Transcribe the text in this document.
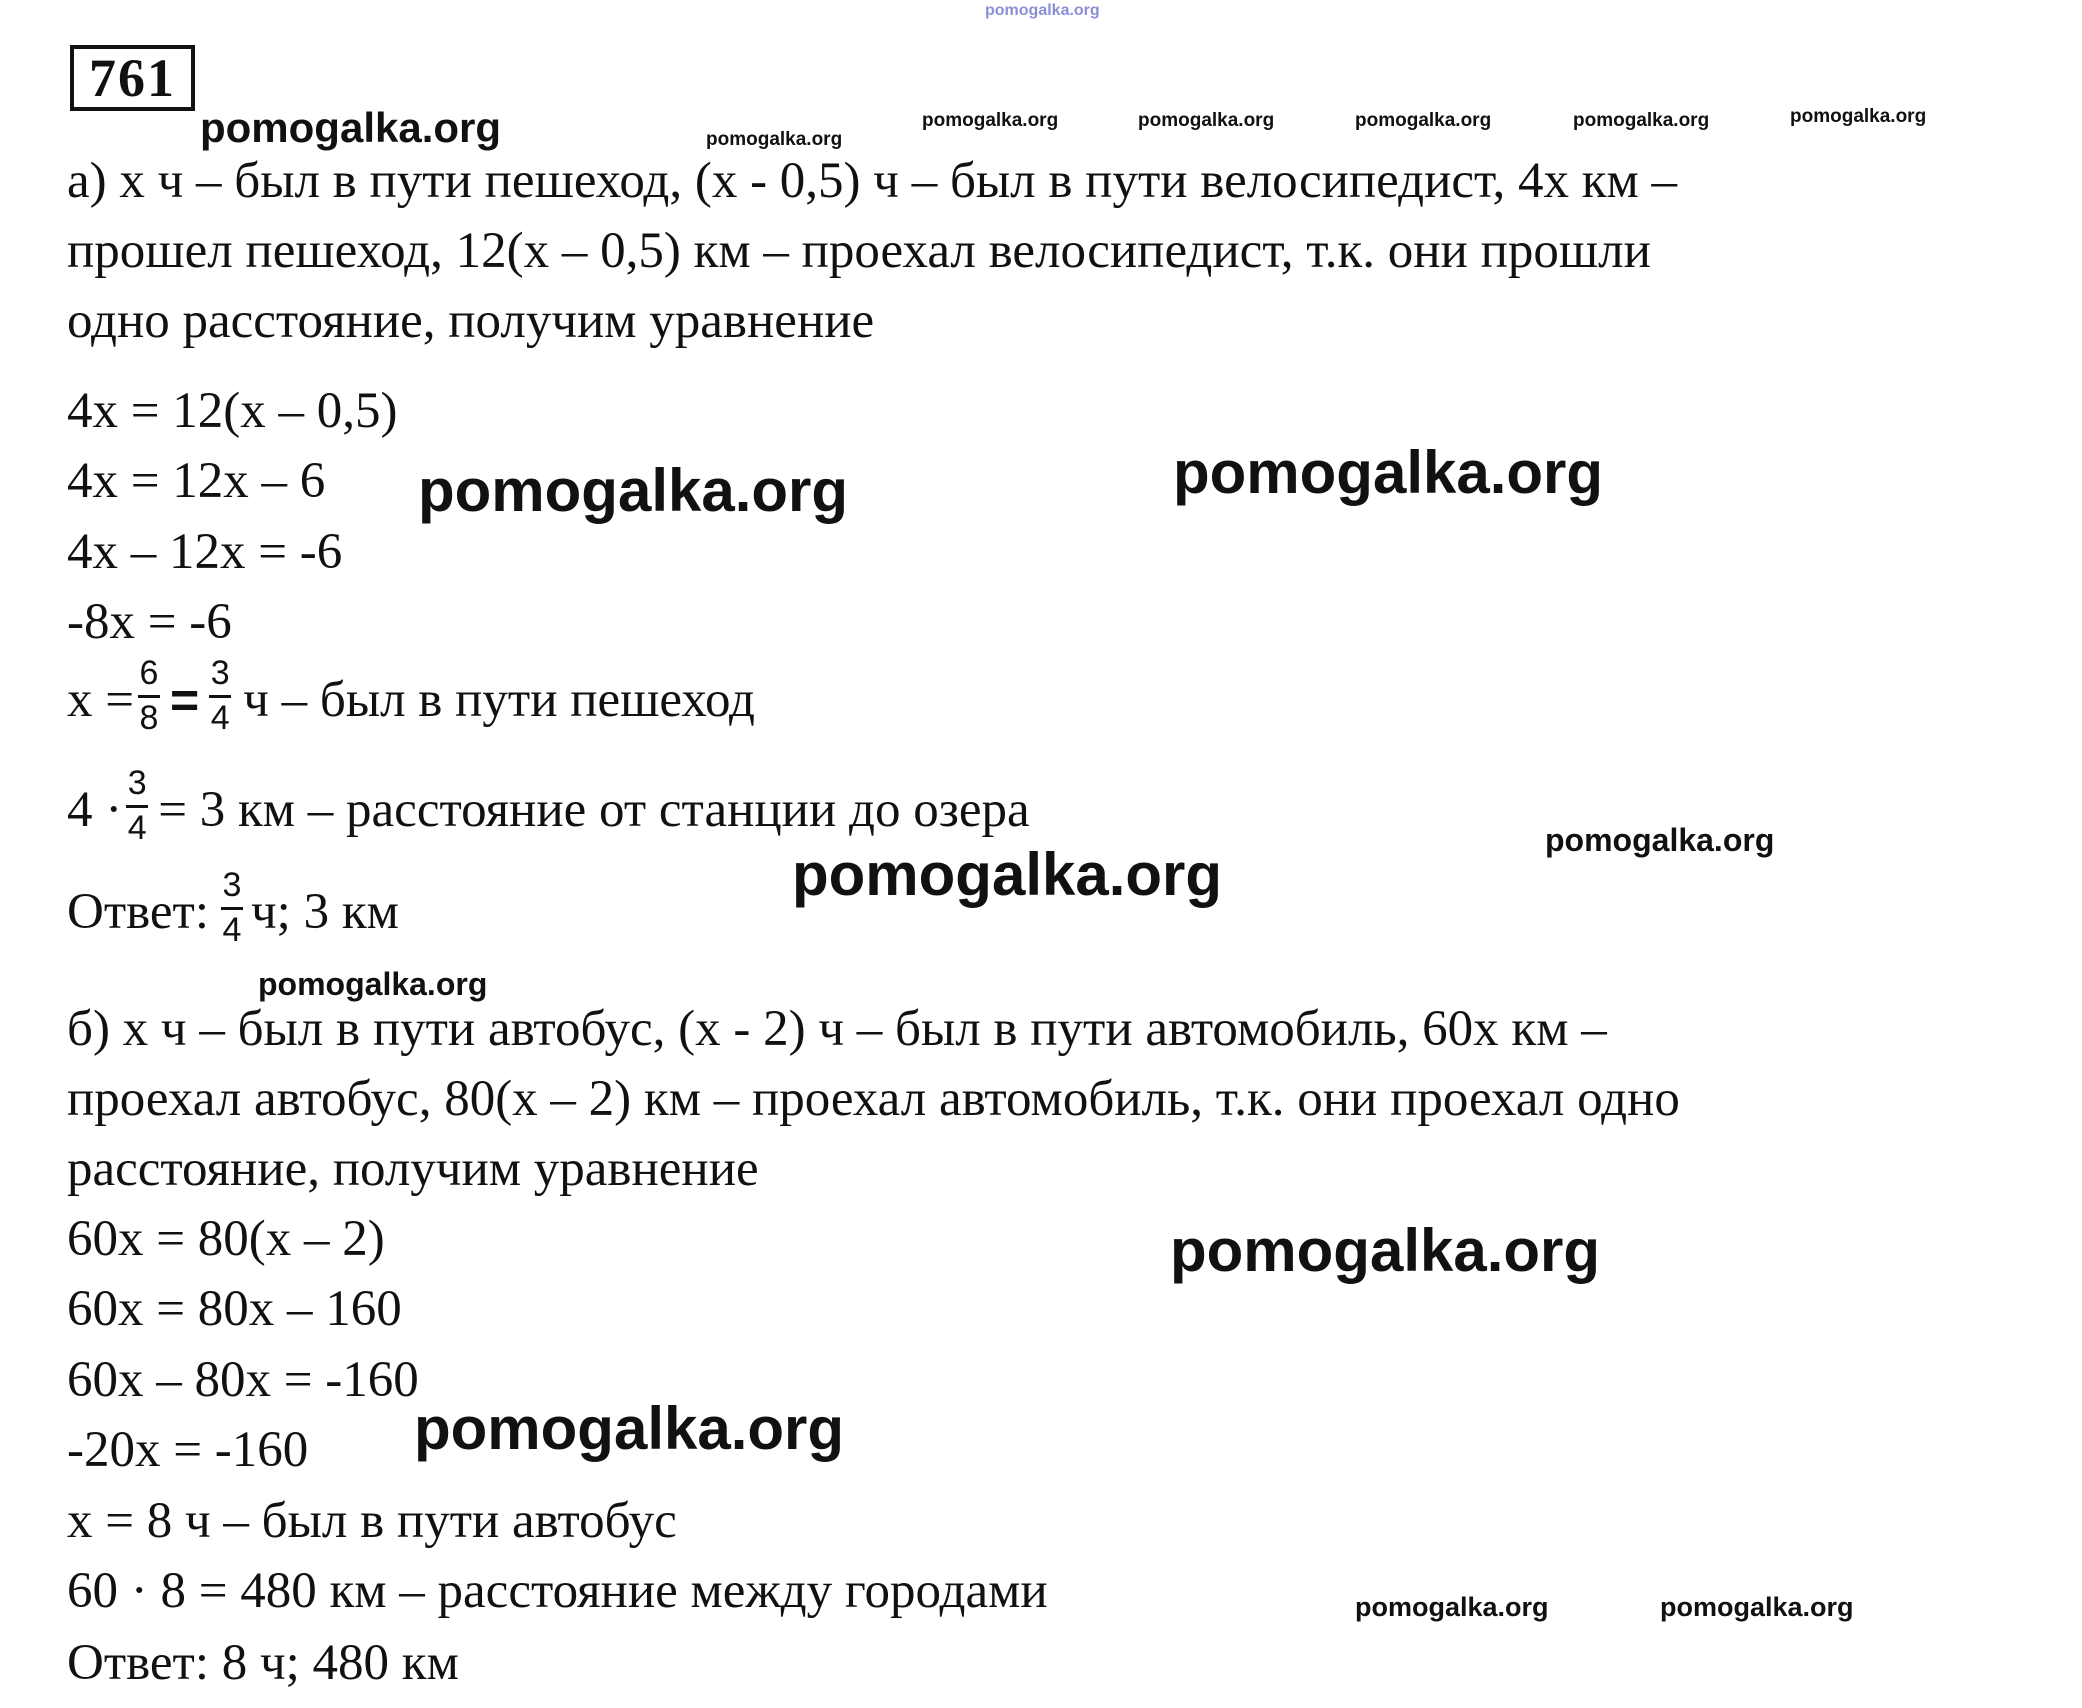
pomogalka.org
761
pomogalka.org	pomogalka.org
pomogalka.org	pomogalka.org	pomogalka.org	pomogalka.org	pomogalka.org
а) х ч – был в пути пешеход, (х - 0,5) ч – был в пути велосипедист, 4х км –
прошел пешеход, 12(х – 0,5) км – проехал велосипедист, т.к. они прошли
одно расстояние, получим уравнение
4х = 12(х – 0,5)
4х = 12х – 6
4х – 12х = -6
-8х = -6
pomogalka.org	pomogalka.org
$х = \frac{6}{8} = \frac{3}{4}$ ч – был в пути пешеход
$4 \cdot \frac{3}{4} = 3$ км – расстояние от станции до озера
pomogalka.org
pomogalka.org
Ответ: $\frac{3}{4} ч$; 3 км
pomogalka.org
б) х ч – был в пути автобус, (х - 2) ч – был в пути автомобиль, 60х км –
проехал автобус, 80(х – 2) км – проехал автомобиль, т.к. они проехал одно
расстояние, получим уравнение
60х = 80(х – 2)
60х = 80х – 160
60х – 80х = -160
-20х = -160
pomogalka.org
pomogalka.org
х = 8 ч – был в пути автобус
60 · 8 = 480 км – расстояние между городами	pomogalka.org	pomogalka.org
Ответ: 8 ч; 480 км
